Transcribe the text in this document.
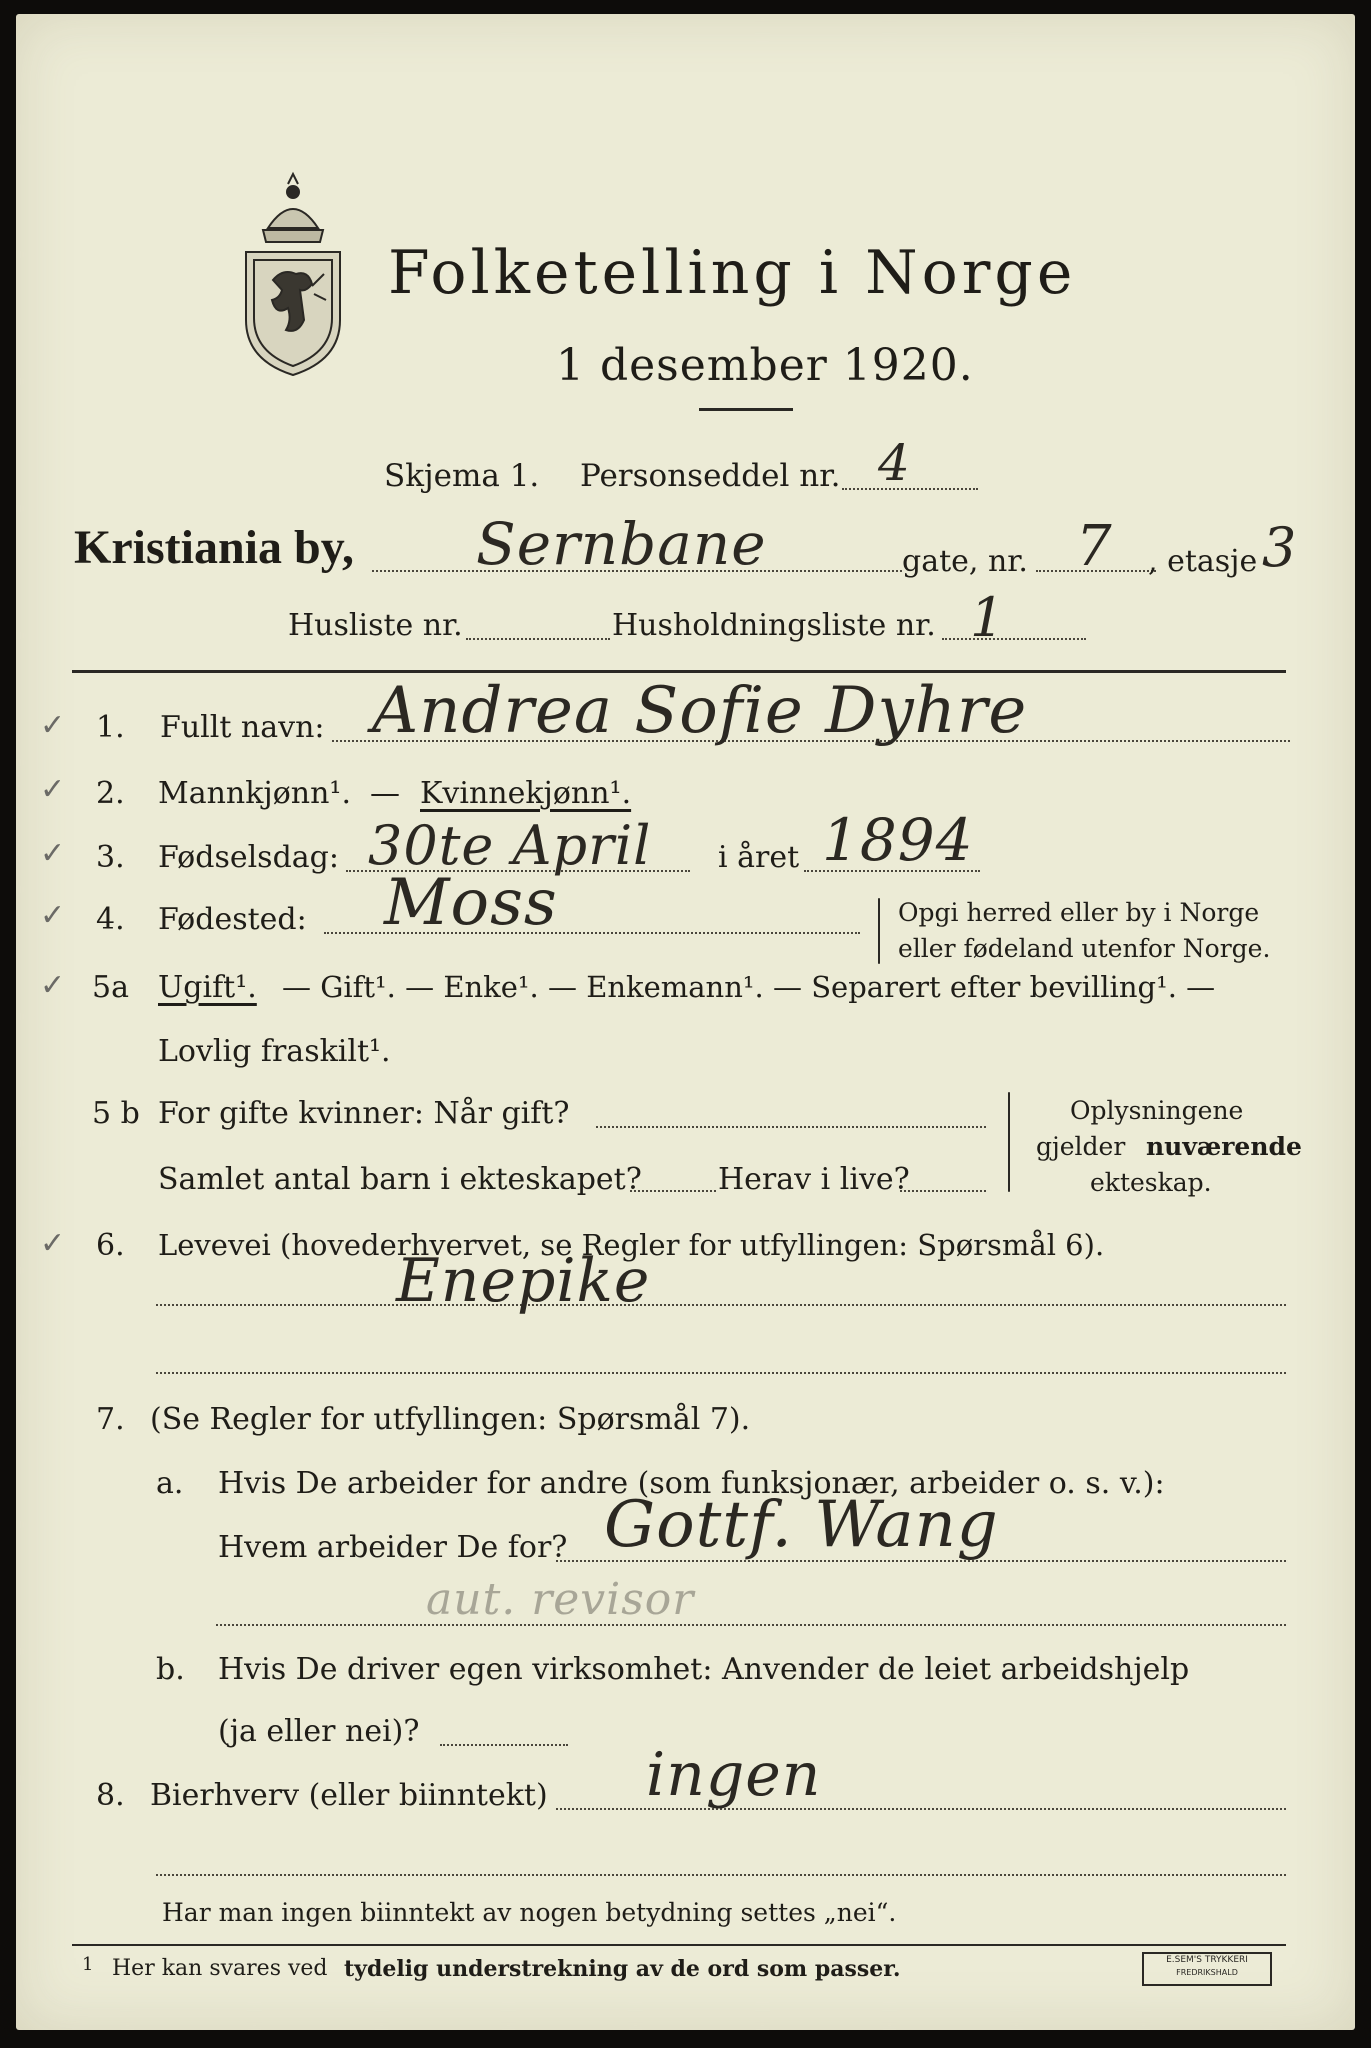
Folketelling i Norge
1 desember 1920.
Skjema 1. Personseddel nr. 4
Kristiania by, Sernbane	gate, nr. 7 , etasje 3
Husliste nr.	Husholdningsliste nr. 1
✓ 1. Fullt navn: Andrea Sofie Dyhre
✓ 2. Mannkjønn¹. — Kvinnekjønn¹.
✓ 3. Fødselsdag: 30te April i året 1894
✓ 4. Fødested: Moss	Opgi herred eller by i Norge
eller fødeland utenfor Norge.
✓ 5a Ugift¹. — Gift¹. — Enke¹. — Enkemann¹. — Separert efter bevilling¹. —
Lovlig fraskilt¹.
5 b For gifte kvinner: Når gift?
Samlet antal barn i ekteskapet?	Herav i live?
Oplysningene
gjelder nuværende
ekteskap.
✓ 6. Levevei (hovederhvervet, se Regler for utfyllingen: Spørsmål 6).
Enepike
7. (Se Regler for utfyllingen: Spørsmål 7).
a. Hvis De arbeider for andre (som funksjonær, arbeider o. s. v.):
Hvem arbeider De for? Gottf. Wang
aut. revisor
b. Hvis De driver egen virksomhet: Anvender de leiet arbeidshjelp
(ja eller nei)?
8. Bierhverv (eller biinntekt) ingen
Har man ingen biinntekt av nogen betydning settes „nei“.
1 Her kan svares ved tydelig understrekning av de ord som passer.	E.SEM'S TRYKKERI
FREDRIKSHALD
